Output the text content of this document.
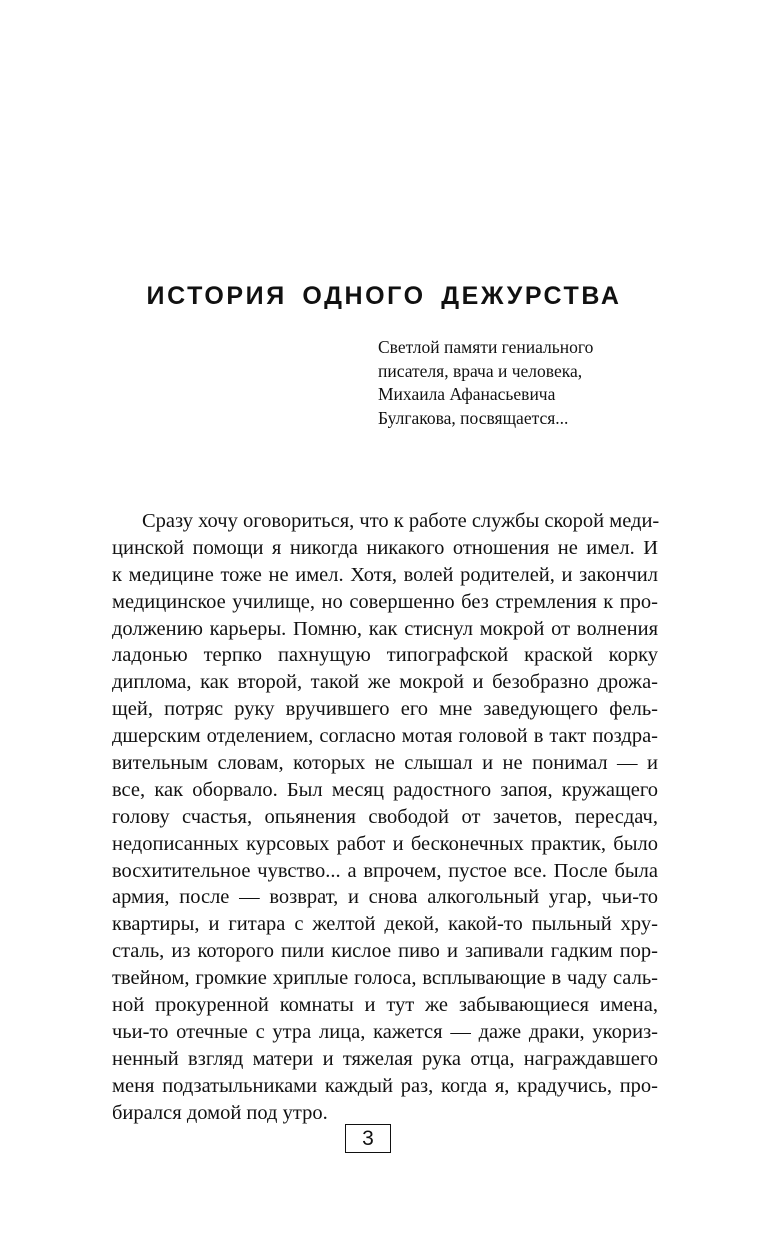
ИСТОРИЯ ОДНОГО ДЕЖУРСТВА
Светлой памяти гениального
писателя, врача и человека,
Михаила Афанасьевича
Булгакова, посвящается...
Сразу хочу оговориться, что к работе службы скорой меди-
цинской помощи я никогда никакого отношения не имел. И
к медицине тоже не имел. Хотя, волей родителей, и закончил
медицинское училище, но совершенно без стремления к про-
должению карьеры. Помню, как стиснул мокрой от волнения
ладонью терпко пахнущую типографской краской корку
диплома, как второй, такой же мокрой и безобразно дрожа-
щей, потряс руку вручившего его мне заведующего фель-
дшерским отделением, согласно мотая головой в такт поздра-
вительным словам, которых не слышал и не понимал — и
все, как оборвало. Был месяц радостного запоя, кружащего
голову счастья, опьянения свободой от зачетов, пересдач,
недописанных курсовых работ и бесконечных практик, было
восхитительное чувство... а впрочем, пустое все. После была
армия, после — возврат, и снова алкогольный угар, чьи-то
квартиры, и гитара с желтой декой, какой-то пыльный хру-
сталь, из которого пили кислое пиво и запивали гадким пор-
твейном, громкие хриплые голоса, всплывающие в чаду саль-
ной прокуренной комнаты и тут же забывающиеся имена,
чьи-то отечные с утра лица, кажется — даже драки, укориз-
ненный взгляд матери и тяжелая рука отца, награждавшего
меня подзатыльниками каждый раз, когда я, крадучись, про-
бирался домой под утро.
3
